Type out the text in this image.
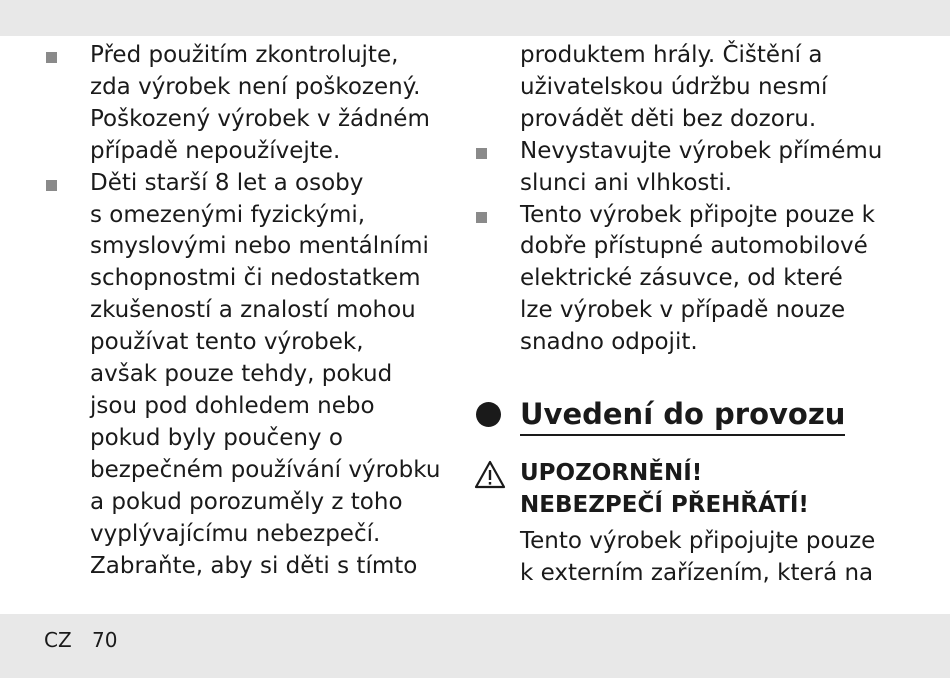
Před použitím zkontrolujte,
zda výrobek není poškozený.
Poškozený výrobek v žádném
případě nepoužívejte.
Děti starší 8 let a osoby
s omezenými fyzickými,
smyslovými nebo mentálními
schopnostmi či nedostatkem
zkušeností a znalostí mohou
používat tento výrobek,
avšak pouze tehdy, pokud
jsou pod dohledem nebo
pokud byly poučeny o
bezpečném používání výrobku
a pokud porozuměly z toho
vyplývajícímu nebezpečí.
Zabraňte, aby si děti s tímto
produktem hrály. Čištění a
uživatelskou údržbu nesmí
provádět děti bez dozoru.
Nevystavujte výrobek přímému
slunci ani vlhkosti.
Tento výrobek připojte pouze k
dobře přístupné automobilové
elektrické zásuvce, od které
lze výrobek v případě nouze
snadno odpojit.
Uvedení do provozu

UPOZORNĚNÍ!
NEBEZPEČÍ PŘEHŘÁTÍ!

Tento výrobek připojujte pouze
k externím zařízením, která na

CZ 70
